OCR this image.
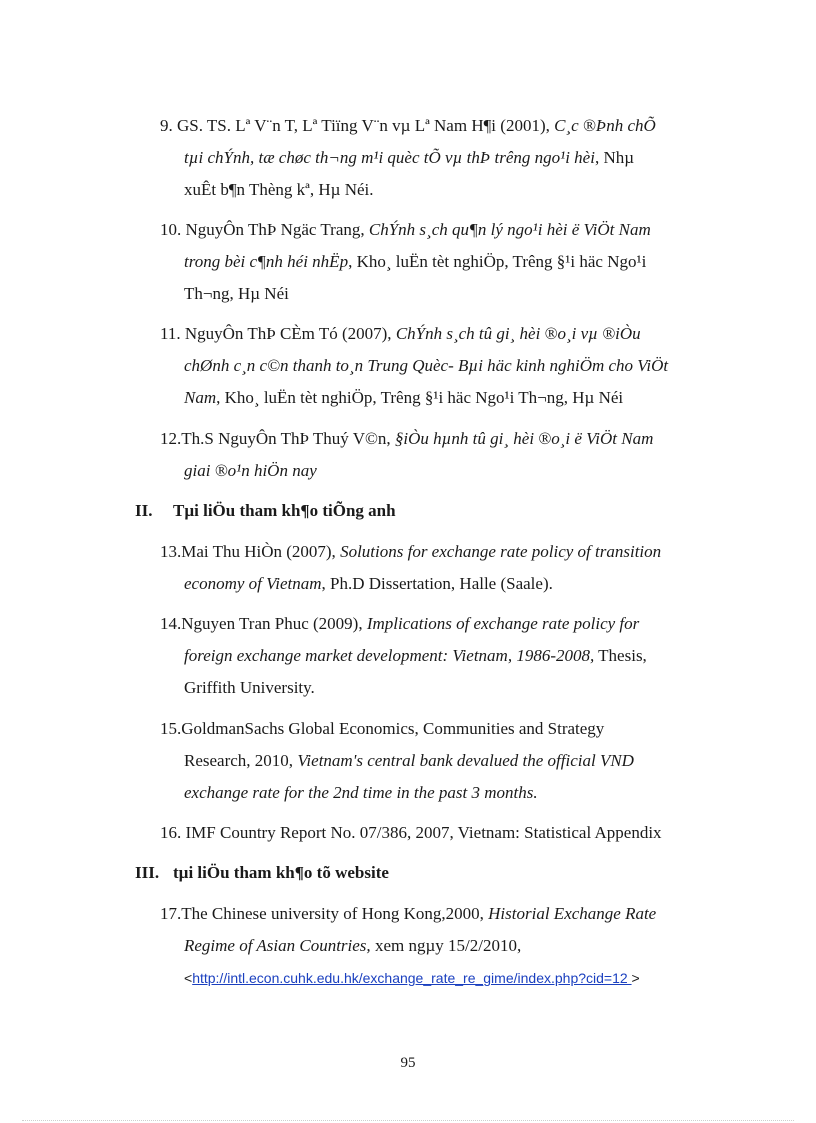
9. GS. TS. Lª V¨n T, Lª Tiïng V¨n vµ Lª Nam H¶i (2001), C¸c ®Þnh chÕ
tµi chÝnh, tæ chøc th¬ng m¹i quèc tÕ vµ thÞ trêng ngo¹i hèi, Nhµ
xuÊt b¶n Thèng kª, Hµ Néi.
10. NguyÔn ThÞ Ngäc Trang, ChÝnh s¸ch qu¶n lý ngo¹i hèi ë ViÖt Nam
trong bèi c¶nh héi nhËp, Kho¸ luËn tèt nghiÖp, Trêng §¹i häc Ngo¹i
Th¬ng, Hµ Néi
11. NguyÔn ThÞ CÈm Tó (2007), ChÝnh s¸ch tû gi¸ hèi ®o¸i vµ ®iÒu
chØnh c¸n c©n thanh to¸n Trung Quèc- Bµi häc kinh nghiÖm cho ViÖt
Nam, Kho¸ luËn tèt nghiÖp, Trêng §¹i häc Ngo¹i Th¬ng, Hµ Néi
12.Th.S NguyÔn ThÞ Thuý V©n, §iÒu hµnh tû gi¸ hèi ®o¸i ë ViÖt Nam
giai ®o¹n hiÖn nay
II. Tµi liÖu tham kh¶o tiÕng anh
13.Mai Thu HiÒn (2007), Solutions for exchange rate policy of transition
economy of Vietnam, Ph.D Dissertation, Halle (Saale).
14.Nguyen Tran Phuc (2009), Implications of exchange rate policy for
foreign exchange market development: Vietnam, 1986-2008, Thesis,
Griffith University.
15.GoldmanSachs Global Economics, Communities and Strategy
Research, 2010, Vietnam's central bank devalued the official VND
exchange rate for the 2nd time in the past 3 months.
16. IMF Country Report No. 07/386, 2007, Vietnam: Statistical Appendix
III. tµi liÖu tham kh¶o tõ website
17.The Chinese university of Hong Kong,2000, Historial Exchange Rate
Regime of Asian Countries, xem ngµy 15/2/2010,
<http://intl.econ.cuhk.edu.hk/exchange_rate_re_gime/index.php?cid=12 >
95
